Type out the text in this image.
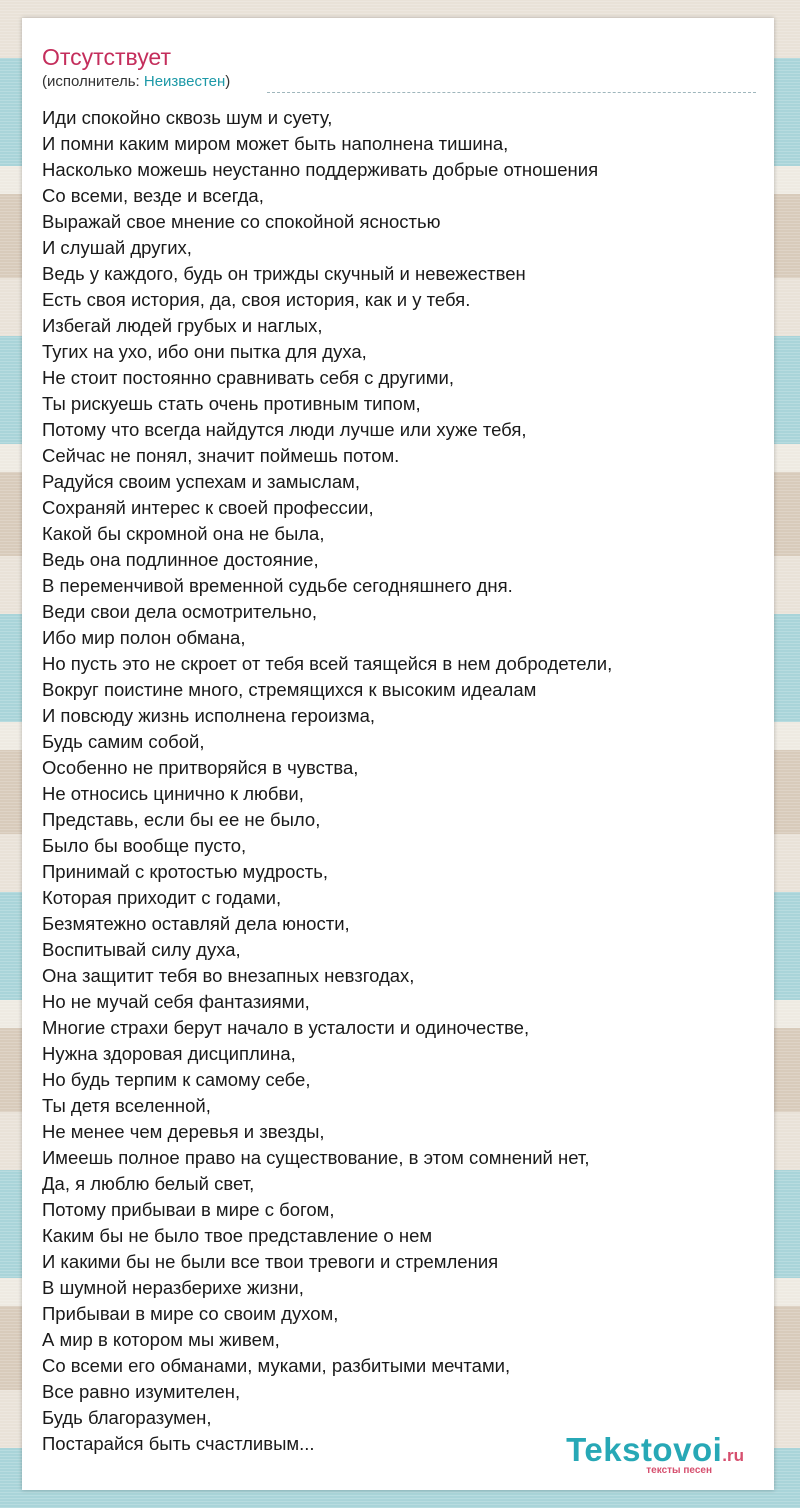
Отсутствует
(исполнитель: Неизвестен)
Иди спокойно сквозь шум и суету,
И помни каким миром может быть наполнена тишина,
Насколько можешь неустанно поддерживать добрые отношения
Со всеми, везде и всегда,
Выражай свое мнение со спокойной ясностью
И слушай других,
Ведь у каждого, будь он трижды скучный и невежествен
Есть своя история, да, своя история, как и у тебя.
Избегай людей грубых и наглых,
Тугих на ухо, ибо они пытка для духа,
Не стоит постоянно сравнивать себя с другими,
Ты рискуешь стать очень противным типом,
Потому что всегда найдутся люди лучше или хуже тебя,
Сейчас не понял, значит поймешь потом.
Радуйся своим успехам и замыслам,
Сохраняй интерес к своей профессии,
Какой бы скромной она не была,
Ведь она подлинное достояние,
В переменчивой временной судьбе сегодняшнего дня.
Веди свои дела осмотрительно,
Ибо мир полон обмана,
Но пусть это не скроет от тебя всей таящейся в нем добродетели,
Вокруг поистине много, стремящихся к высоким идеалам
И повсюду жизнь исполнена героизма,
Будь самим собой,
Особенно не притворяйся в чувства,
Не относись цинично к любви,
Представь, если бы ее не было,
Было бы вообще пусто,
Принимай с кротостью мудрость,
Которая приходит с годами,
Безмятежно оставляй дела юности,
Воспитывай силу духа,
Она защитит тебя во внезапных невзгодах,
Но не мучай себя фантазиями,
Многие страхи берут начало в усталости и одиночестве,
Нужна здоровая дисциплина,
Но будь терпим к самому себе,
Ты детя вселенной,
Не менее чем деревья и звезды,
Имеешь полное право на существование, в этом сомнений нет,
Да, я люблю белый свет,
Потому прибываи в мире с богом,
Каким бы не было твое представление о нем
И какими бы не были все твои тревоги и стремления
В шумной неразберихе жизни,
Прибываи в мире со своим духом,
А мир в котором мы живем,
Со всеми его обманами, муками, разбитыми мечтами,
Все равно изумителен,
Будь благоразумен,
Постарайся быть счастливым...	Tekstovoi.ru
тексты песен
